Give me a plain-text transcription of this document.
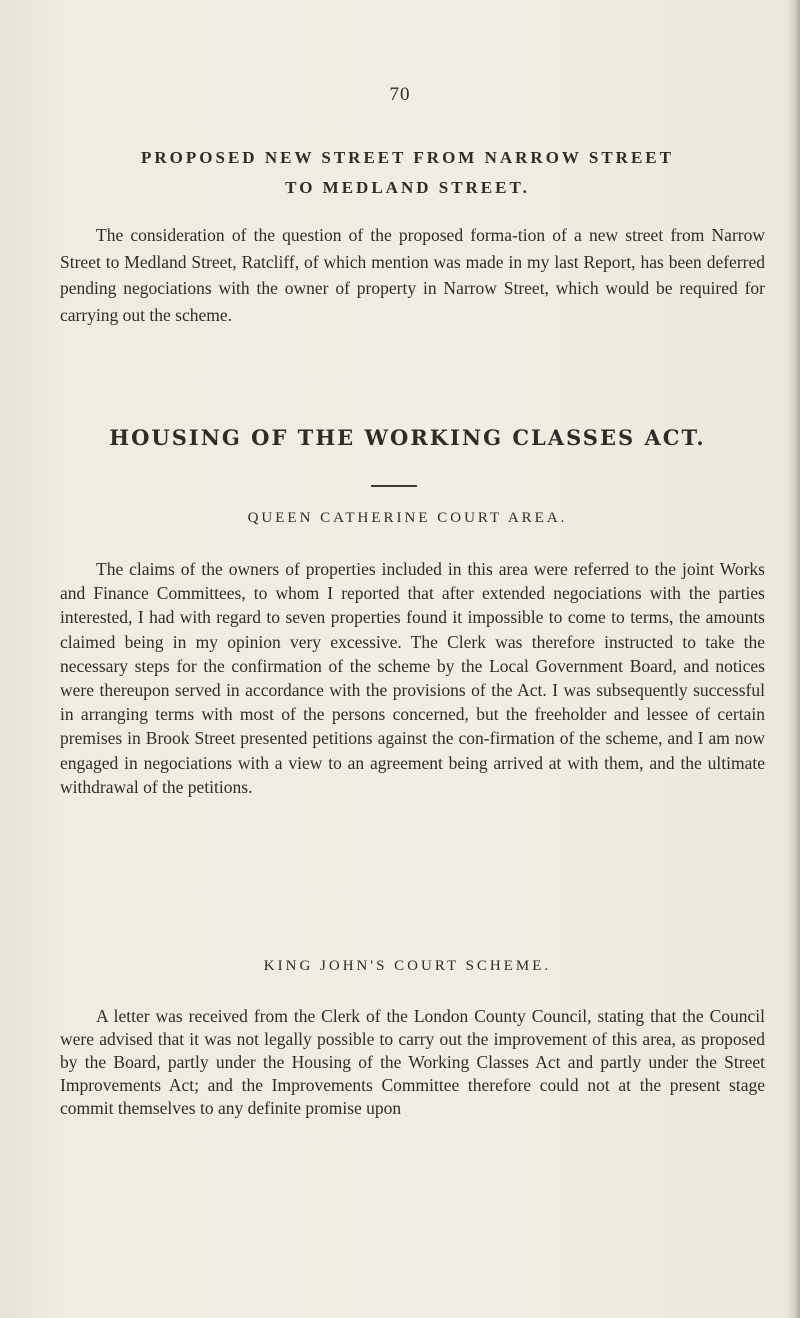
70
PROPOSED NEW STREET FROM NARROW STREET
TO MEDLAND STREET.

The consideration of the question of the proposed forma-tion of a new street from Narrow Street to Medland Street, Ratcliff, of which mention was made in my last Report, has been deferred pending negociations with the owner of property in Narrow Street, which would be required for carrying out the scheme.

HOUSING OF THE WORKING CLASSES ACT.
QUEEN CATHERINE COURT AREA.

The claims of the owners of properties included in this area were referred to the joint Works and Finance Committees, to whom I reported that after extended negociations with the parties interested, I had with regard to seven properties found it impossible to come to terms, the amounts claimed being in my opinion very excessive. The Clerk was therefore instructed to take the necessary steps for the confirmation of the scheme by the Local Government Board, and notices were thereupon served in accordance with the provisions of the Act. I was subsequently successful in arranging terms with most of the persons concerned, but the freeholder and lessee of certain premises in Brook Street presented petitions against the con-firmation of the scheme, and I am now engaged in negociations with a view to an agreement being arrived at with them, and the ultimate withdrawal of the petitions.

KING JOHN'S COURT SCHEME.

A letter was received from the Clerk of the London County Council, stating that the Council were advised that it was not legally possible to carry out the improvement of this area, as proposed by the Board, partly under the Housing of the Working Classes Act and partly under the Street Improvements Act; and the Improvements Committee therefore could not at the present stage commit themselves to any definite promise upon
